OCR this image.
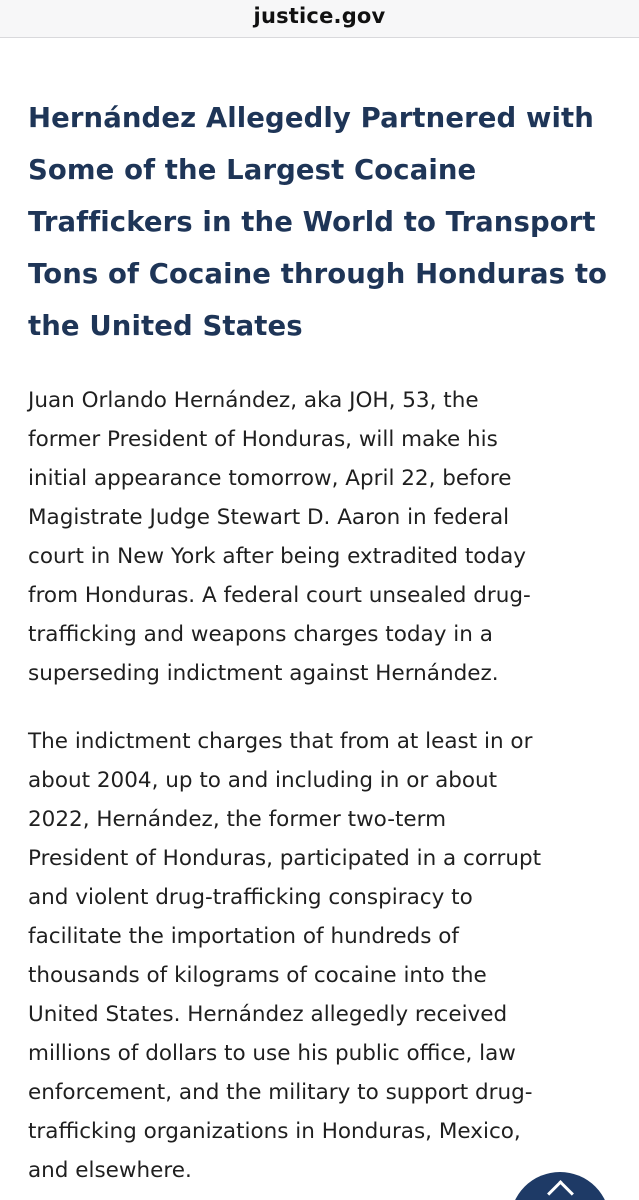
justice.gov
Hernández Allegedly Partnered with
Some of the Largest Cocaine
Traffickers in the World to Transport
Tons of Cocaine through Honduras to
the United States

Juan Orlando Hernández, aka JOH, 53, the
former President of Honduras, will make his
initial appearance tomorrow, April 22, before
Magistrate Judge Stewart D. Aaron in federal
court in New York after being extradited today
from Honduras. A federal court unsealed drug-
trafficking and weapons charges today in a
superseding indictment against Hernández.

The indictment charges that from at least in or
about 2004, up to and including in or about
2022, Hernández, the former two-term
President of Honduras, participated in a corrupt
and violent drug-trafficking conspiracy to
facilitate the importation of hundreds of
thousands of kilograms of cocaine into the
United States. Hernández allegedly received
millions of dollars to use his public office, law
enforcement, and the military to support drug-
trafficking organizations in Honduras, Mexico,
and elsewhere.
